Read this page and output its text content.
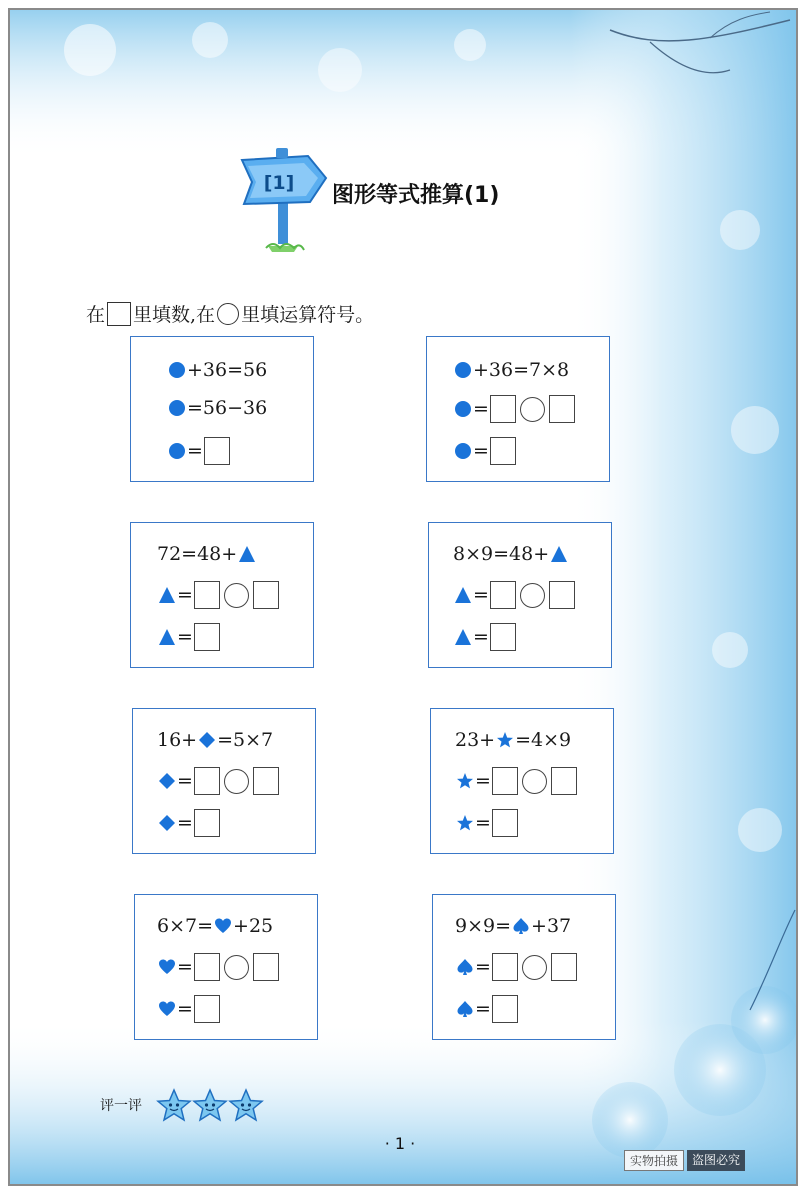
[1] 图形等式推算(1)
在 里填数,在 里填运算符号。
+36=56
=56−36
=
+36=7×8
=
=
72=48+
=
=
8×9=48+
=
=
16+ =5×7
=
=
23+ =4×9
=
=
6×7= +25
=
=
9×9= +37
=
=
评一评
· 1 ·
实物拍摄	盗图必究
